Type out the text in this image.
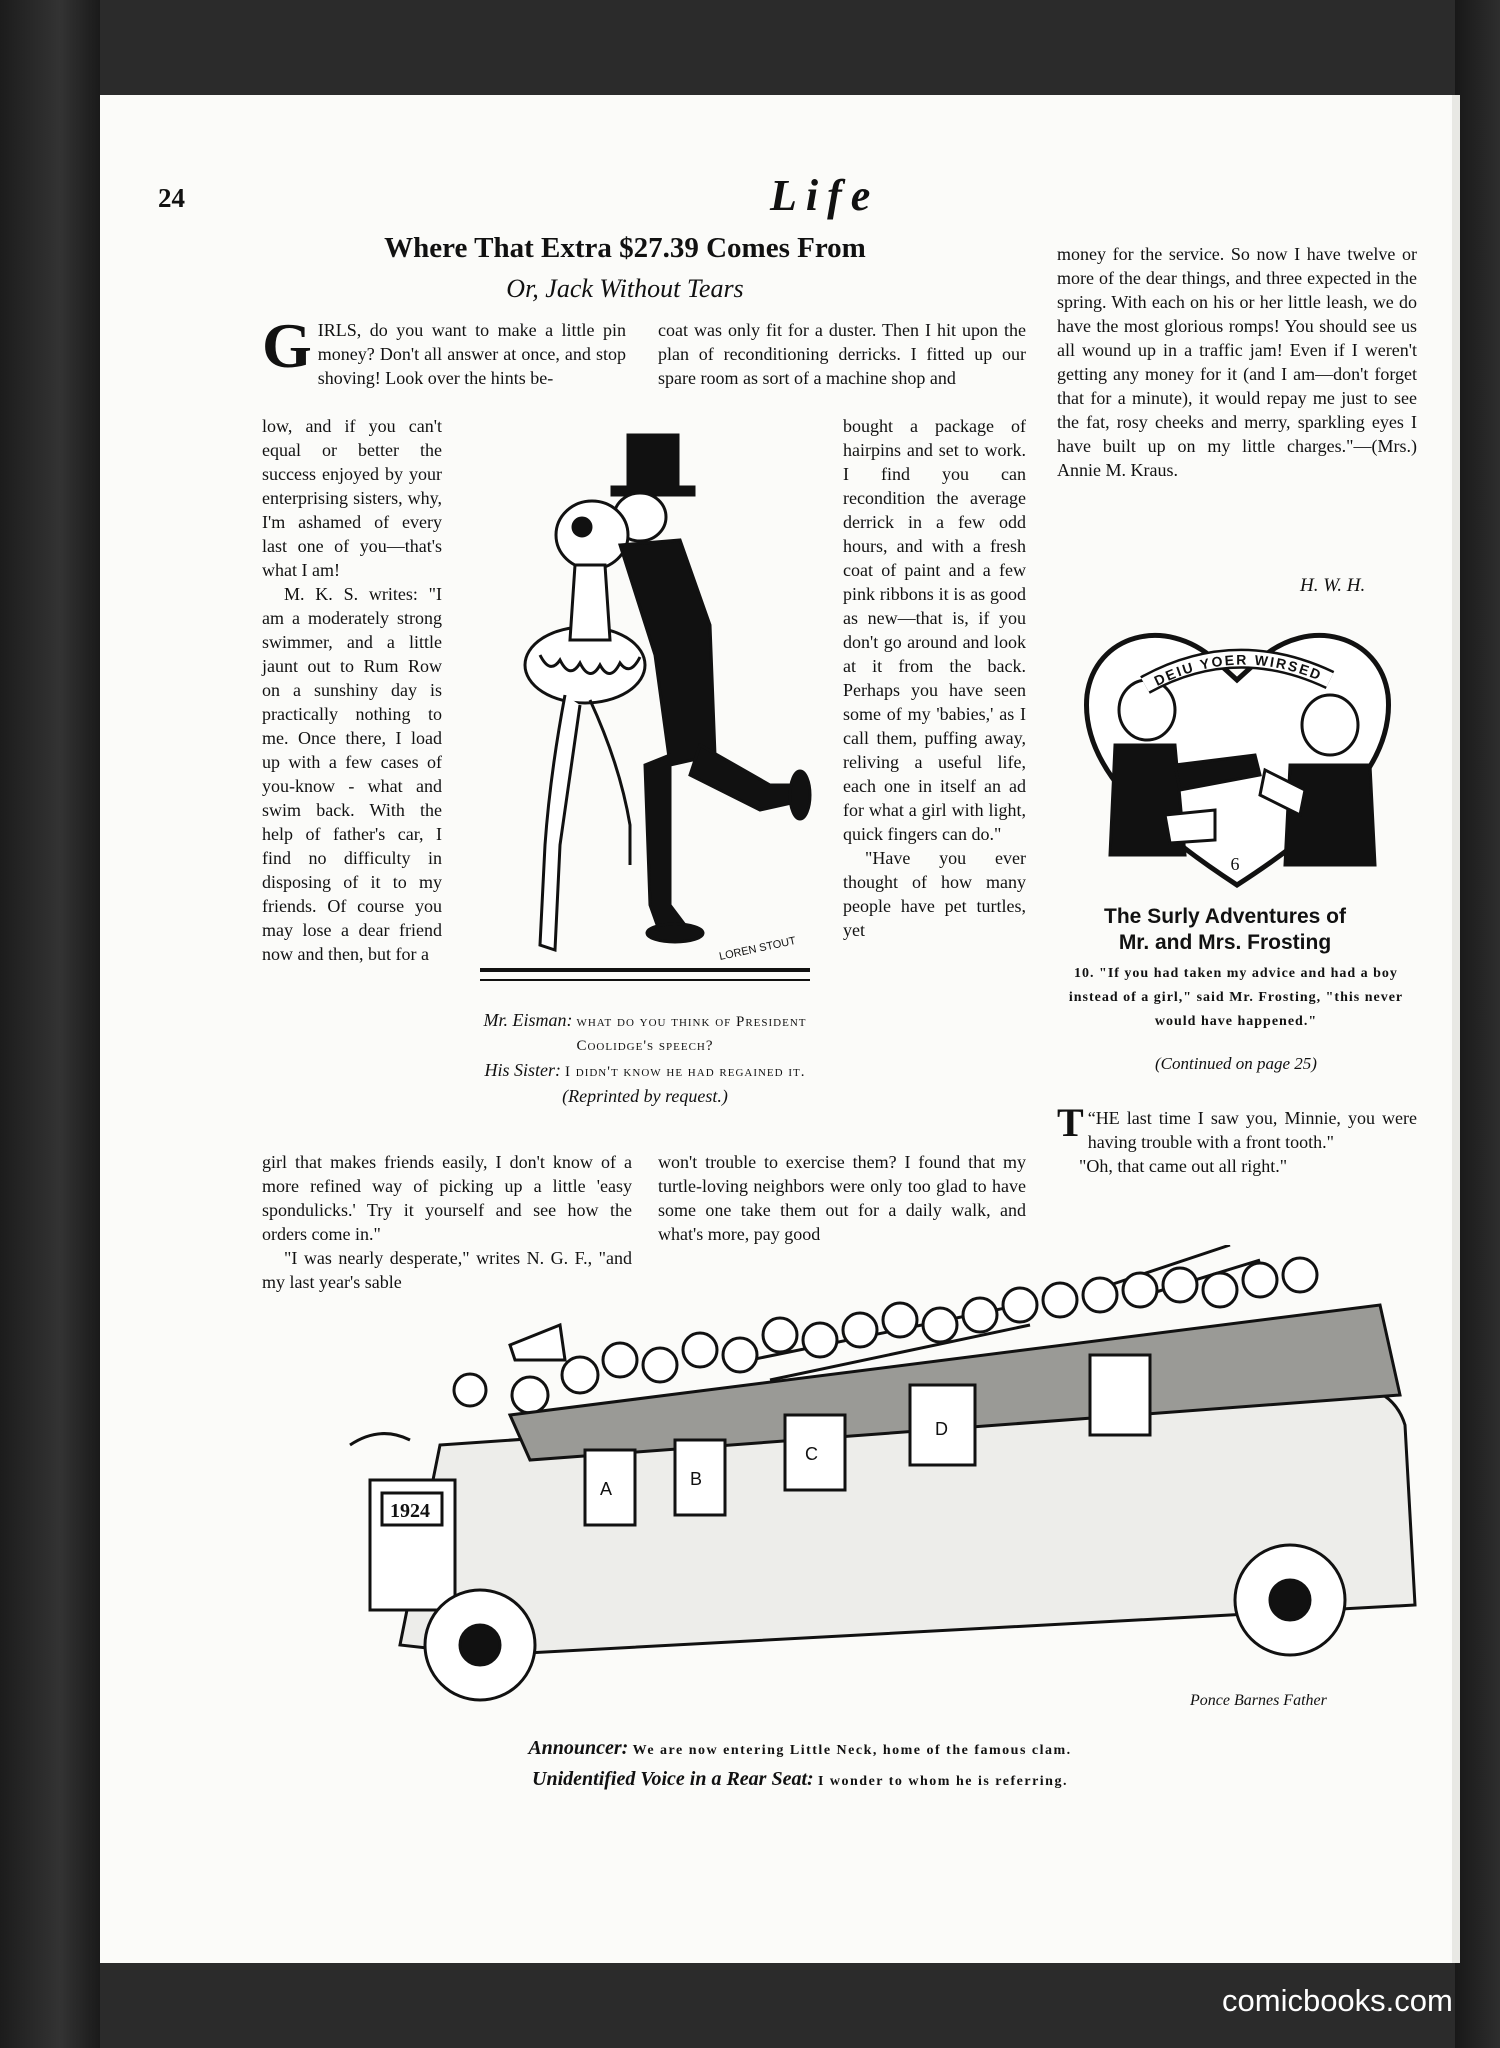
24	Life
Where That Extra $27.39 Comes From
Or, Jack Without Tears
G IRLS, do you want to make a little pin money? Don't all answer at once, and stop shoving! Look over the hints be-

low, and if you can't equal or better the success enjoyed by your enterprising sisters, why, I'm ashamed of every last one of you—that's what I am!

M. K. S. writes: "I am a moderately strong swimmer, and a little jaunt out to Rum Row on a sunshiny day is practically nothing to me. Once there, I load up with a few cases of you-know - what and swim back. With the help of father's car, I find no difficulty in disposing of it to my friends. Of course you may lose a dear friend now and then, but for a

girl that makes friends easily, I don't know of a more refined way of picking up a little 'easy spondulicks.' Try it yourself and see how the orders come in."

"I was nearly desperate," writes N. G. F., "and my last year's sable

coat was only fit for a duster. Then I hit upon the plan of reconditioning derricks. I fitted up our spare room as sort of a machine shop and

bought a package of hairpins and set to work. I find you can recondition the average derrick in a few odd hours, and with a fresh coat of paint and a few pink ribbons it is as good as new—that is, if you don't go around and look at it from the back. Perhaps you have seen some of my 'babies,' as I call them, puffing away, reliving a useful life, each one in itself an ad for what a girl with light, quick fingers can do."

"Have you ever thought of how many people have pet turtles, yet

won't trouble to exercise them? I found that my turtle-loving neighbors were only too glad to have some one take them out for a daily walk, and what's more, pay good

money for the service. So now I have twelve or more of the dear things, and three expected in the spring. With each on his or her little leash, we do have the most glorious romps! You should see us all wound up in a traffic jam! Even if I weren't getting any money for it (and I am—don't forget that for a minute), it would repay me just to see the fat, rosy cheeks and merry, sparkling eyes I have built up on my little charges."—(Mrs.) Annie M. Kraus.

H. W. H.
LOREN STOUT
Mr. Eisman: what do you think of President Coolidge's speech?
His Sister: I didn't know he had regained it.
(Reprinted by request.)
DEIU YOER WIRSED
6
The Surly Adventures of
Mr. and Mrs. Frosting
10. "If you had taken my advice and had a boy instead of a girl," said Mr. Frosting, "this never would have happened."
(Continued on page 25)

“
T HE last time I saw you, Minnie, you were having trouble with a front tooth."

"Oh, that came out all right."

1924
A	B
C
D
Ponce Barnes Father
Announcer: We are now entering Little Neck, home of the famous clam.
Unidentified Voice in a Rear Seat: I wonder to whom he is referring.
comicbooks.com
